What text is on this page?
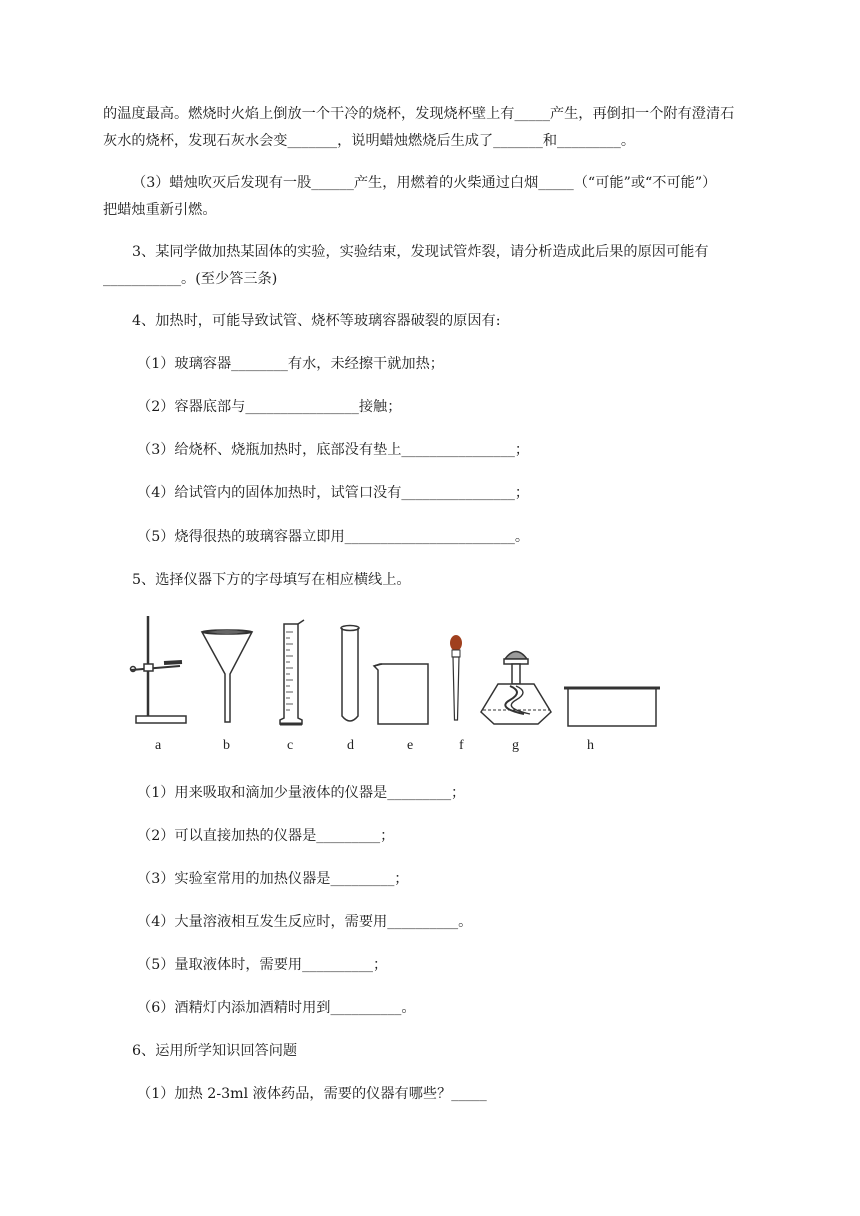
的温度最高。燃烧时火焰上倒放一个干冷的烧杯，发现烧杯壁上有_____产生，再倒扣一个附有澄清石
灰水的烧杯，发现石灰水会变_______，说明蜡烛燃烧后生成了_______和_________。
（3）蜡烛吹灭后发现有一股______产生，用燃着的火柴通过白烟_____（“可能”或“不可能”）
把蜡烛重新引燃。
3、某同学做加热某固体的实验，实验结束，发现试管炸裂，请分析造成此后果的原因可能有
___________。(至少答三条)
4、加热时，可能导致试管、烧杯等玻璃容器破裂的原因有:
（1）玻璃容器________有水，未经擦干就加热；
（2）容器底部与________________接触；
（3）给烧杯、烧瓶加热时，底部没有垫上________________；
（4）给试管内的固体加热时，试管口没有________________；
（5）烧得很热的玻璃容器立即用________________________。
5、选择仪器下方的字母填写在相应横线上。
a	b	c	d	e	f	g	h
（1）用来吸取和滴加少量液体的仪器是_________；
（2）可以直接加热的仪器是_________；
（3）实验室常用的加热仪器是_________；
（4）大量溶液相互发生反应时，需要用__________。
（5）量取液体时，需要用__________；
（6）酒精灯内添加酒精时用到__________。
6、运用所学知识回答问题
（1）加热 2-3ml 液体药品，需要的仪器有哪些？_____
